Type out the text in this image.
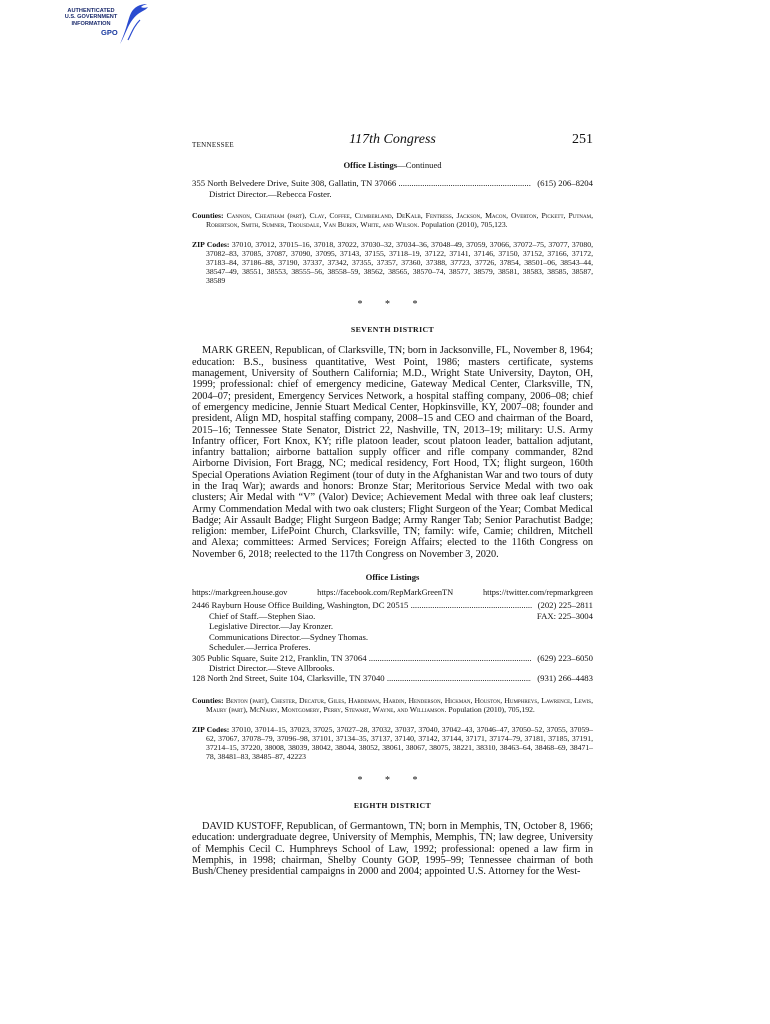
AUTHENTICATED
U.S. GOVERNMENT
INFORMATION
GPO
TENNESSEE	117th Congress	251
Office Listings—Continued
355 North Belvedere Drive, Suite 308, Gallatin, TN 37066 .....	(615) 206–8204
District Director.—Rebecca Foster.
Counties: Cannon, Cheatham (part), Clay, Coffee, Cumberland, DeKalb, Fentress, Jackson, Macon, Overton, Pickett, Putnam, Robertson, Smith, Sumner, Trousdale, Van Buren, White, and Wilson. Population (2010), 705,123.
ZIP Codes: 37010, 37012, 37015–16, 37018, 37022, 37030–32, 37034–36, 37048–49, 37059, 37066, 37072–75, 37077, 37080, 37082–83, 37085, 37087, 37090, 37095, 37143, 37155, 37118–19, 37122, 37141, 37146, 37150, 37152, 37166, 37172, 37183–84, 37186–88, 37190, 37337, 37342, 37355, 37357, 37360, 37388, 37723, 37726, 37854, 38501–06, 38543–44, 38547–49, 38551, 38553, 38555–56, 38558–59, 38562, 38565, 38570–74, 38577, 38579, 38581, 38583, 38585, 38587, 38589
* * *
SEVENTH DISTRICT
MARK GREEN, Republican, of Clarksville, TN; born in Jacksonville, FL, November 8, 1964; education: B.S., business quantitative, West Point, 1986; masters certificate, systems management, University of Southern California; M.D., Wright State University, Dayton, OH, 1999; professional: chief of emergency medicine, Gateway Medical Center, Clarksville, TN, 2004–07; president, Emergency Services Network, a hospital staffing company, 2006–08; chief of emergency medicine, Jennie Stuart Medical Center, Hopkinsville, KY, 2007–08; founder and president, Align MD, hospital staffing company, 2008–15 and CEO and chairman of the Board, 2015–16; Tennessee State Senator, District 22, Nashville, TN, 2013–19; military: U.S. Army Infantry officer, Fort Knox, KY; rifle platoon leader, scout platoon leader, battalion adjutant, infantry battalion; airborne battalion supply officer and rifle company commander, 82nd Airborne Division, Fort Bragg, NC; medical residency, Fort Hood, TX; flight surgeon, 160th Special Operations Aviation Regiment (tour of duty in the Afghanistan War and two tours of duty in the Iraq War); awards and honors: Bronze Star; Meritorious Service Medal with two oak clusters; Air Medal with “V” (Valor) Device; Achievement Medal with three oak leaf clusters; Army Commendation Medal with two oak clusters; Flight Surgeon of the Year; Combat Medical Badge; Air Assault Badge; Flight Surgeon Badge; Army Ranger Tab; Senior Parachutist Badge; religion: member, LifePoint Church, Clarksville, TN; family: wife, Camie; children, Mitchell and Alexa; committees: Armed Services; Foreign Affairs; elected to the 116th Congress on November 6, 2018; reelected to the 117th Congress on November 3, 2020.
Office Listings
https://markgreen.house.gov	https://facebook.com/RepMarkGreenTN	https://twitter.com/repmarkgreen
2446 Rayburn House Office Building, Washington, DC 20515 .....	(202) 225–2811
Chief of Staff.—Stephen Siao.
Legislative Director.—Jay Kronzer.
Communications Director.—Sydney Thomas.
Scheduler.—Jerrica Proferes.
FAX: 225–3004
305 Public Square, Suite 212, Franklin, TN 37064 .....	(629) 223–6050
District Director.—Steve Allbrooks.
128 North 2nd Street, Suite 104, Clarksville, TN 37040 .....	(931) 266–4483
Counties: Benton (part), Chester, Decatur, Giles, Hardeman, Hardin, Henderson, Hickman, Houston, Humphreys, Lawrence, Lewis, Maury (part), McNairy, Montgomery, Perry, Stewart, Wayne, and Williamson. Population (2010), 705,192.
ZIP Codes: 37010, 37014–15, 37023, 37025, 37027–28, 37032, 37037, 37040, 37042–43, 37046–47, 37050–52, 37055, 37059–62, 37067, 37078–79, 37096–98, 37101, 37134–35, 37137, 37140, 37142, 37144, 37171, 37174–79, 37181, 37185, 37191, 37214–15, 37220, 38008, 38039, 38042, 38044, 38052, 38061, 38067, 38075, 38221, 38310, 38463–64, 38468–69, 38471–78, 38481–83, 38485–87, 42223
* * *
EIGHTH DISTRICT
DAVID KUSTOFF, Republican, of Germantown, TN; born in Memphis, TN, October 8, 1966; education: undergraduate degree, University of Memphis, Memphis, TN; law degree, University of Memphis Cecil C. Humphreys School of Law, 1992; professional: opened a law firm in Memphis, in 1998; chairman, Shelby County GOP, 1995–99; Tennessee chairman of both Bush/Cheney presidential campaigns in 2000 and 2004; appointed U.S. Attorney for the West-
